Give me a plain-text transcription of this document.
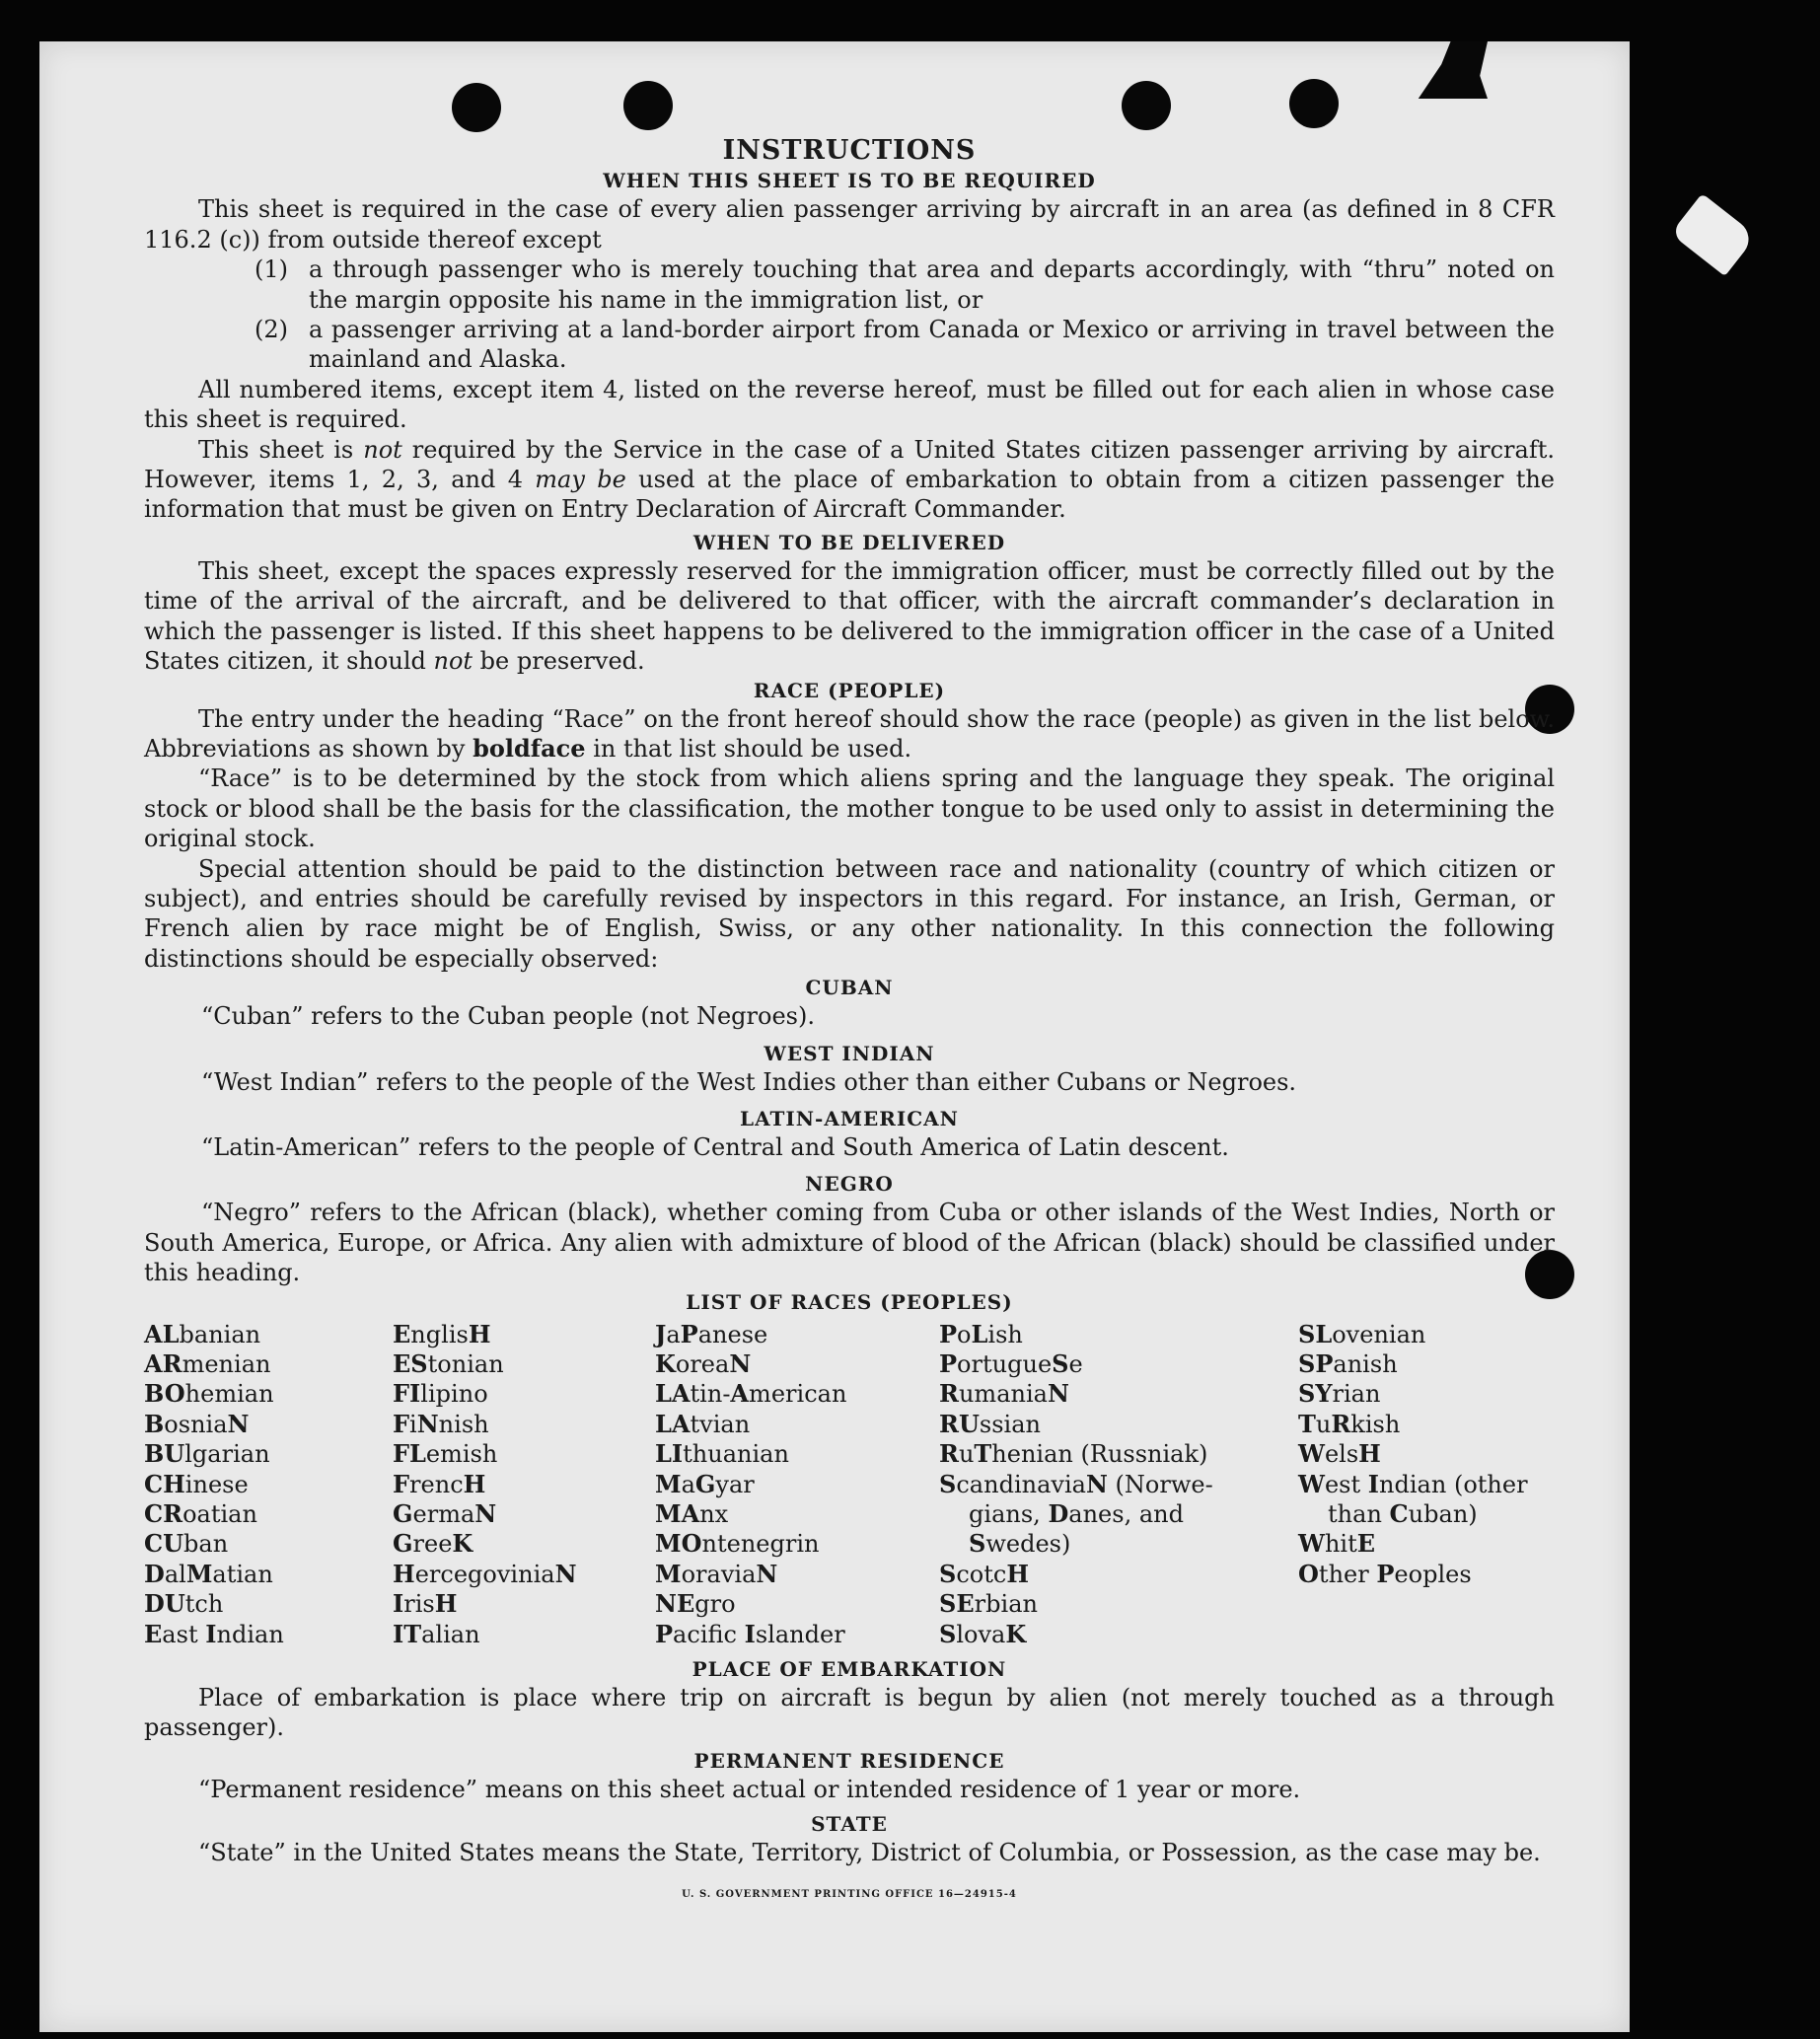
INSTRUCTIONS
WHEN THIS SHEET IS TO BE REQUIRED

This sheet is required in the case of every alien passenger arriving by aircraft in an area (as defined in 8 CFR 116.2 (c)) from outside thereof except

(1) a through passenger who is merely touching that area and departs accordingly, with “thru” noted on the margin opposite his name in the immigration list, or
(2) a passenger arriving at a land-border airport from Canada or Mexico or arriving in travel between the mainland and Alaska.

All numbered items, except item 4, listed on the reverse hereof, must be filled out for each alien in whose case this sheet is required.

This sheet is not required by the Service in the case of a United States citizen passenger arriving by aircraft. However, items 1, 2, 3, and 4 may be used at the place of embarkation to obtain from a citizen passenger the information that must be given on Entry Declaration of Aircraft Commander.

WHEN TO BE DELIVERED

This sheet, except the spaces expressly reserved for the immigration officer, must be correctly filled out by the time of the arrival of the aircraft, and be delivered to that officer, with the aircraft commander’s declaration in which the passenger is listed. If this sheet happens to be delivered to the immigration officer in the case of a United States citizen, it should not be preserved.

RACE (PEOPLE)

The entry under the heading “Race” on the front hereof should show the race (people) as given in the list below. Abbreviations as shown by boldface in that list should be used.

“Race” is to be determined by the stock from which aliens spring and the language they speak. The original stock or blood shall be the basis for the classification, the mother tongue to be used only to assist in determining the original stock.

Special attention should be paid to the distinction between race and nationality (country of which citizen or subject), and entries should be carefully revised by inspectors in this regard. For instance, an Irish, German, or French alien by race might be of English, Swiss, or any other nationality. In this connection the following distinctions should be especially observed:

CUBAN
“Cuban” refers to the Cuban people (not Negroes).
WEST INDIAN
“West Indian” refers to the people of the West Indies other than either Cubans or Negroes.
LATIN-AMERICAN
“Latin-American” refers to the people of Central and South America of Latin descent.
NEGRO

“Negro” refers to the African (black), whether coming from Cuba or other islands of the West Indies, North or South America, Europe, or Africa. Any alien with admixture of blood of the African (black) should be classified under this heading.

LIST OF RACES (PEOPLES)
ALbanian
ARmenian
BOhemian
BosniaN
BUlgarian
CHinese
CRoatian
CUban
DalMatian
DUtch
East Indian
EnglisH
EStonian
FIlipino
FiNnish
FLemish
FrencH
GermaN
GreeK
HercegoviniaN
IrisH
ITalian
JaPanese
KoreaN
LAtin-American
LAtvian
LIthuanian
MaGyar
MAnx
MOntenegrin
MoraviaN
NEgro
Pacifc Islander
PoLish
PortugueSe
RumaniaN
RUssian
RuThenian (Russniak)
ScandinaviaN (Norwe-
gians, Danes, and
Swedes)
ScotcH
SErbian
SlovaK
SLovenian
SPanish
SYrian
TuRkish
WelsH
West Indian (other
than Cuban)
WhitE
Other Peoples
PLACE OF EMBARKATION

Place of embarkation is place where trip on aircraft is begun by alien (not merely touched as a through passenger).

PERMANENT RESIDENCE
“Permanent residence” means on this sheet actual or intended residence of 1 year or more.
STATE

“State” in the United States means the State, Territory, District of Columbia, or Possession, as the case may be.

U. S. GOVERNMENT PRINTING OFFICE 16—24915-4
